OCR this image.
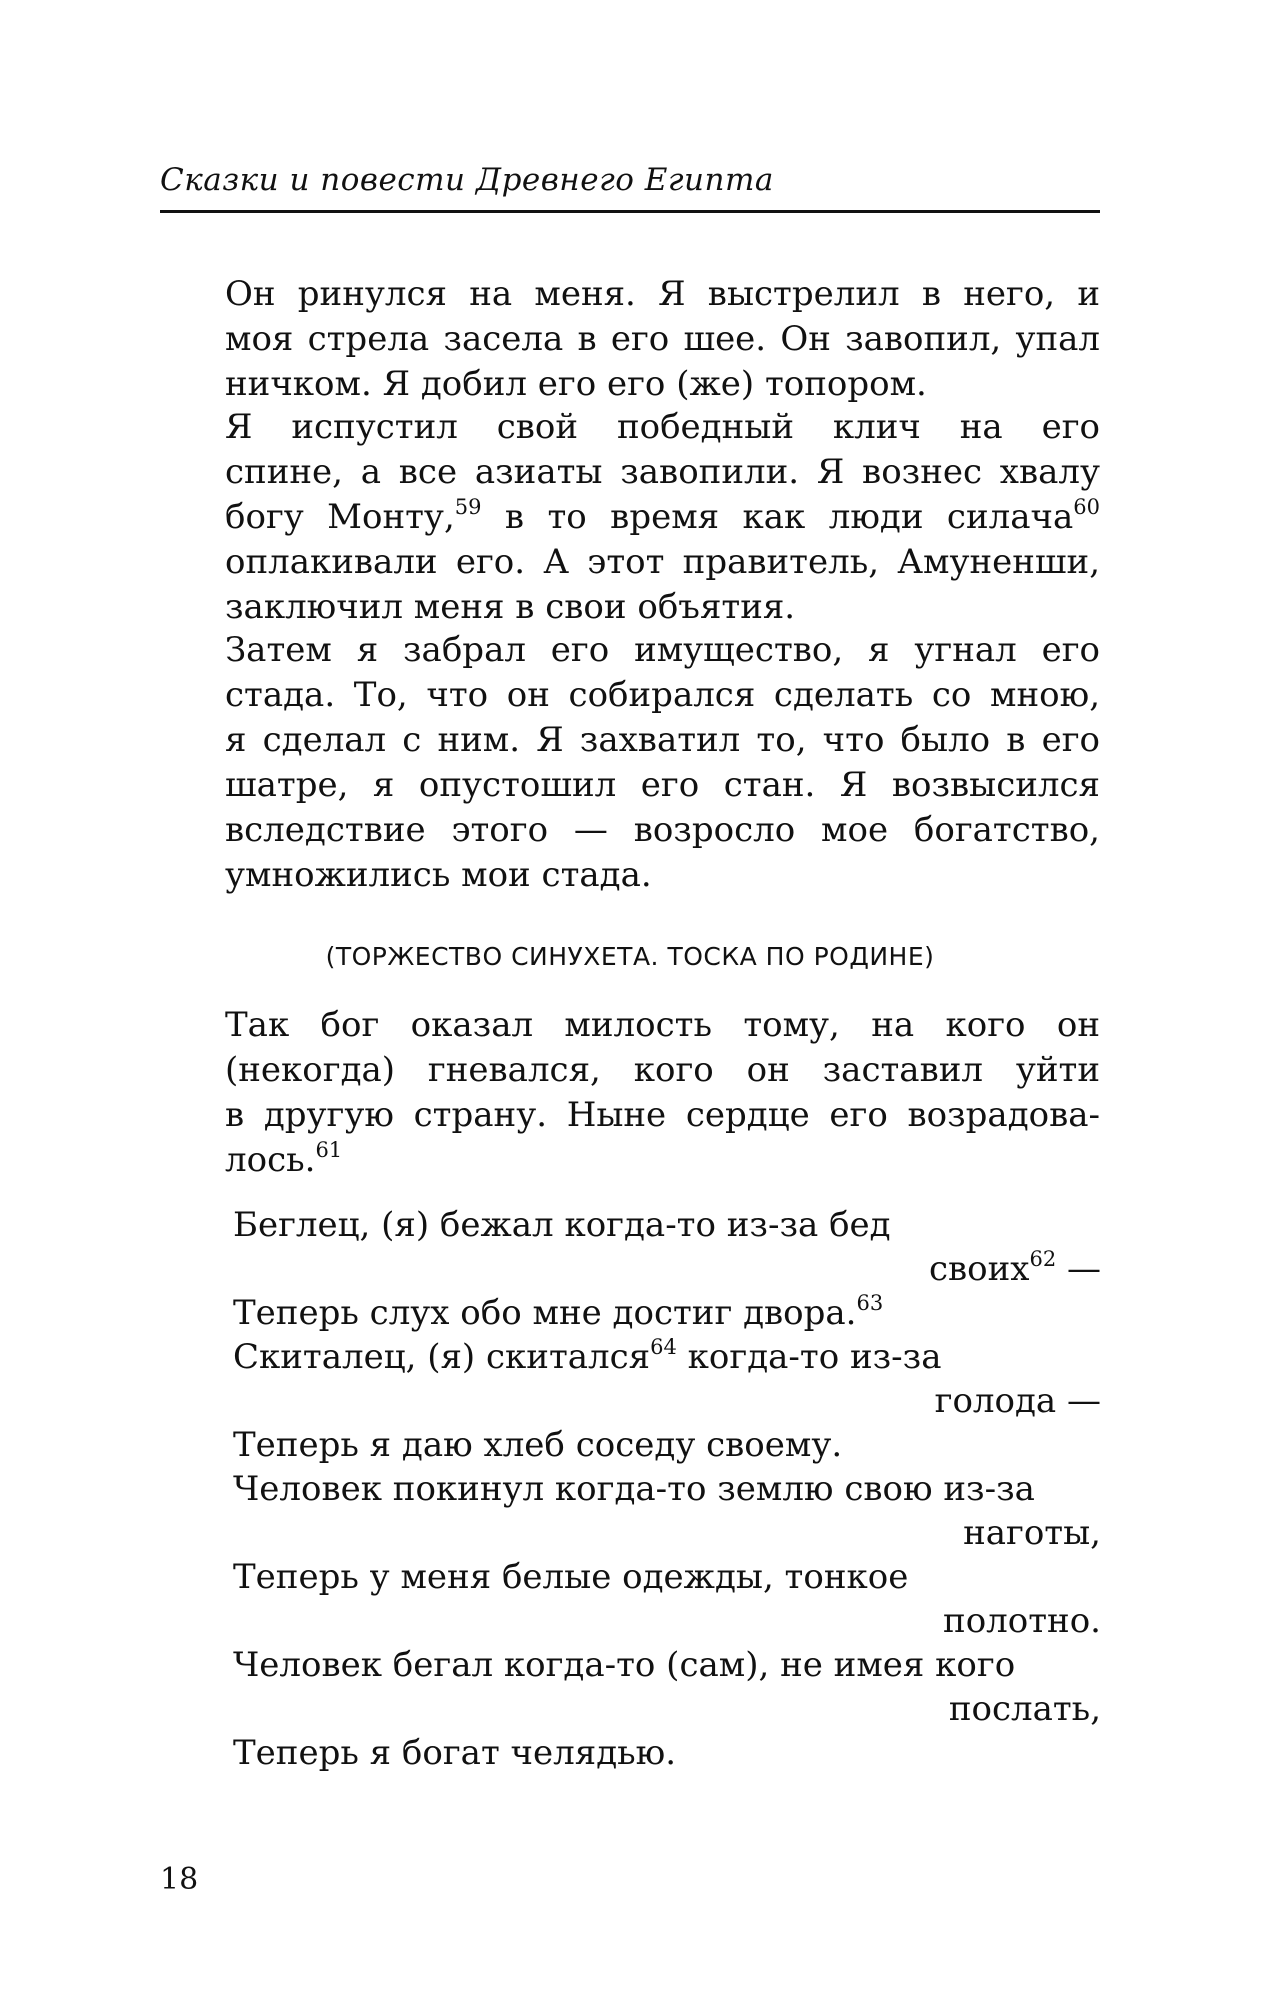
Сказки и повести Древнего Египта

Он ринулся на меня. Я выстрелил в него, и
моя стрела засела в его шее. Он завопил, упал
ничком. Я добил его его (же) топором.

Я испустил свой победный клич на его
спине, а все азиаты завопили. Я вознес хвалу
богу Монту,$^{59}$ в то время как люди силача$^{60}$
оплакивали его. А этот правитель, Амуненши,
заключил меня в свои объятия.

Затем я забрал его имущество, я угнал его
стада. То, что он собирался сделать со мною,
я сделал с ним. Я захватил то, что было в его
шатре, я опустошил его стан. Я возвысился
вследствие этого — возросло мое богатство,
умножились мои стада.

(ТОРЖЕСТВО СИНУХЕТА. ТОСКА ПО РОДИНЕ)

Так бог оказал милость тому, на кого он
(некогда) гневался, кого он заставил уйти
в другую страну. Ныне сердце его возрадова-
лось.$^{61}$

Беглец, (я) бежал когда-то из-за бед
своих$^{62}$ —
Теперь слух обо мне достиг двора.$^{63}$
Скиталец, (я) скитался$^{64}$ когда-то из-за
голода —
Теперь я даю хлеб соседу своему.
Человек покинул когда-то землю свою из-за
наготы,
Теперь у меня белые одежды, тонкое
полотно.
Человек бегал когда-то (сам), не имея кого
послать,
Теперь я богат челядью.
18
